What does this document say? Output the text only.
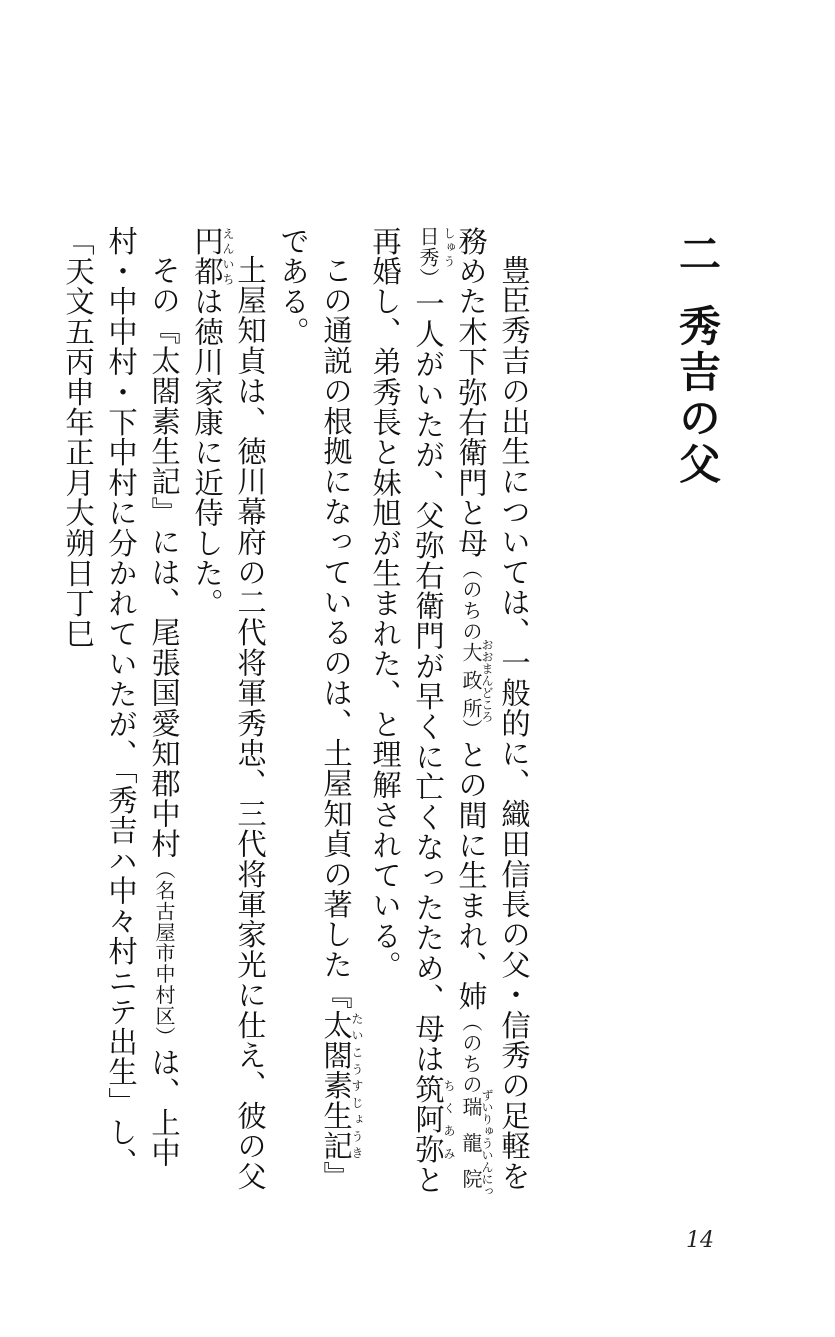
二秀吉の父

豊臣秀吉の出生については、一般的に、織田信長の父・信秀の足軽を務めた木下弥右衛門と母（のちの大政所おおまんどころ）との間に生まれ、姉（のちの瑞龍院日秀ずいりゅういんにっしゅう）一人がいたが、父弥右衛門が早くに亡くなったため、母は筑阿弥ちくあみと再婚し、弟秀長と妹旭が生まれた、と理解されている。

この通説の根拠になっているのは、土屋知貞の著した『太閤素生記たいこうすじょうき』である。

土屋知貞は、徳川幕府の二代将軍秀忠、三代将軍家光に仕え、彼の父円都えんいちは徳川家康に近侍した。

その『太閤素生記』には、尾張国愛知郡中村（名古屋市中村区）は、上中村・中中村・下中村に分かれていたが、「秀吉ハ中々村ニテ出生」し、「天文五丙申年正月大朔日丁巳

14
